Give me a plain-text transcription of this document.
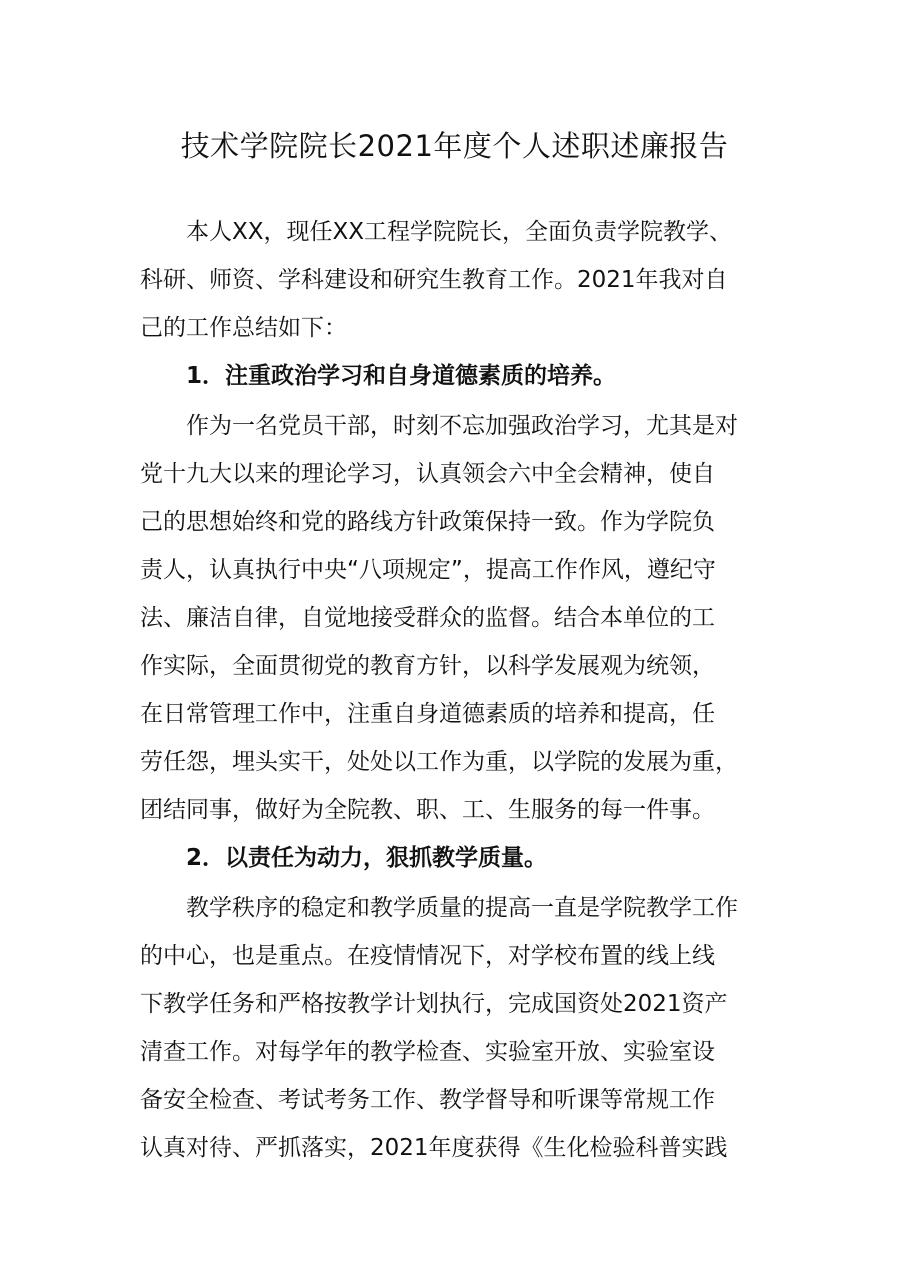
技术学院院长2021年度个人述职述廉报告
　　本人XX，现任XX工程学院院长，全面负责学院教学、
科研、师资、学科建设和研究生教育工作。2021年我对自
己的工作总结如下：
　　1．注重政治学习和自身道德素质的培养。
　　作为一名党员干部，时刻不忘加强政治学习，尤其是对
党十九大以来的理论学习，认真领会六中全会精神，使自
己的思想始终和党的路线方针政策保持一致。作为学院负
责人，认真执行中央“八项规定”，提高工作作风，遵纪守
法、廉洁自律，自觉地接受群众的监督。结合本单位的工
作实际，全面贯彻党的教育方针，以科学发展观为统领，
在日常管理工作中，注重自身道德素质的培养和提高，任
劳任怨，埋头实干，处处以工作为重，以学院的发展为重，
团结同事，做好为全院教、职、工、生服务的每一件事。
　　2．以责任为动力，狠抓教学质量。
　　教学秩序的稳定和教学质量的提高一直是学院教学工作
的中心，也是重点。在疫情情况下，对学校布置的线上线
下教学任务和严格按教学计划执行，完成国资处2021资产
清查工作。对每学年的教学检查、实验室开放、实验室设
备安全检查、考试考务工作、教学督导和听课等常规工作
认真对待、严抓落实，2021年度获得《生化检验科普实践
